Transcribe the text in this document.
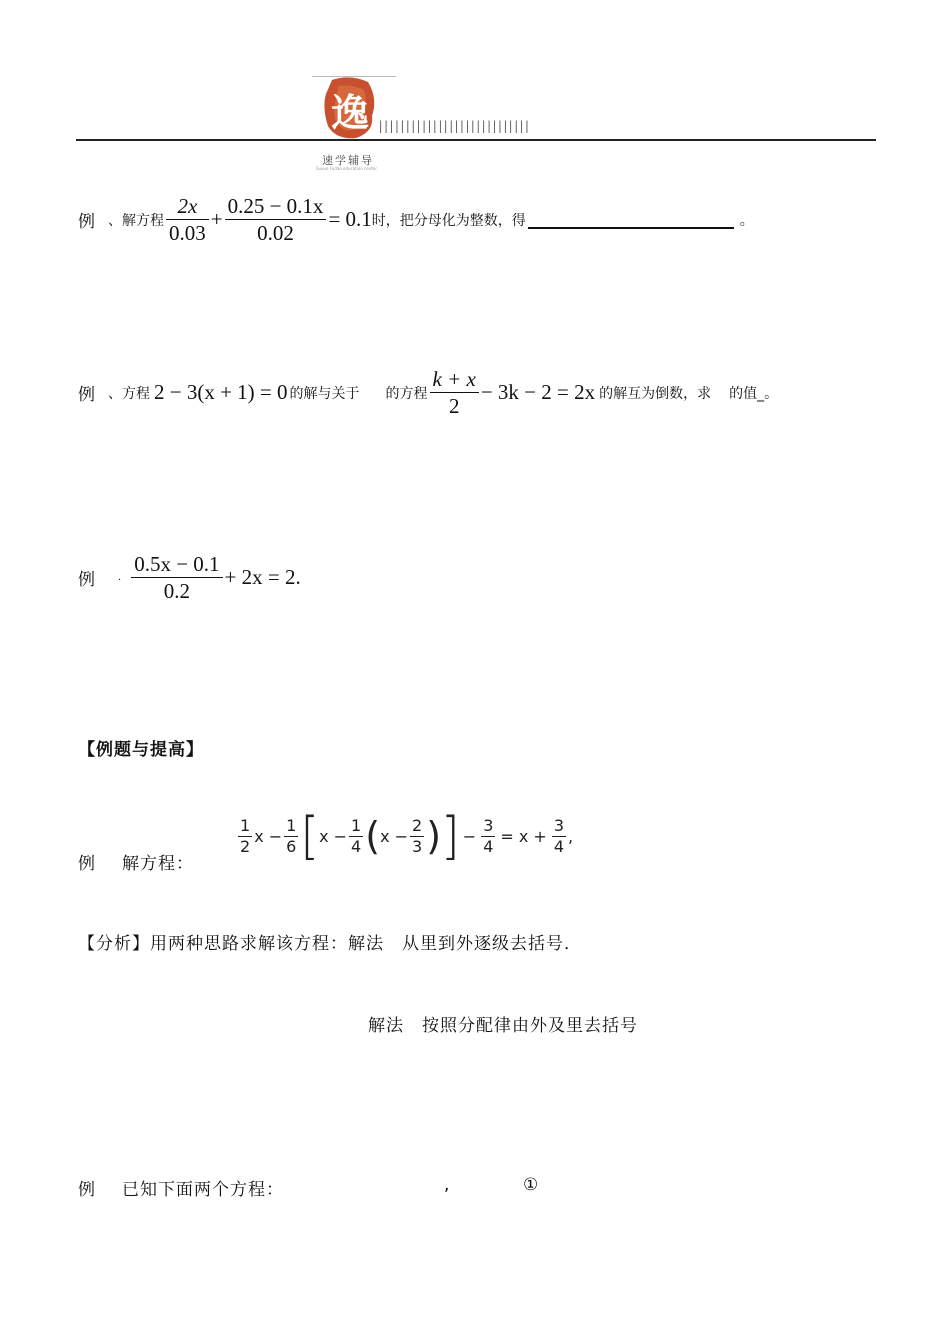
逸	||||||||||||||||||||||||||||
速学辅导
Suxue Fudao education center
例 、解方程 $\frac{2x}{0.03} + \frac{0.25 - 0.1x}{0.02} = 0.1$ 时，把分母化为整数，得	。
例 、方程 2 − 3(x + 1) = 0 的解与关于 的方程 $\frac{k + x}{2} - 3k - 2 = 2x$ 的解互为倒数，求 的值_。
例 . $\frac{0.5x - 0.1}{0.2} + 2x = 2$.
【例题与提高】
例 解方程：
$\frac{1}{2}$ $x - \frac{1}{6}$ [ $x - \frac{1}{4}$ ( $x - \frac{2}{3}$ ) ] − $\frac{3}{4} = x + \frac{3}{4}$ ,
【分析】用两种思路求解该方程：解法　从里到外逐级去括号．
解法　按照分配律由外及里去括号
例 已知下面两个方程：	,	①
